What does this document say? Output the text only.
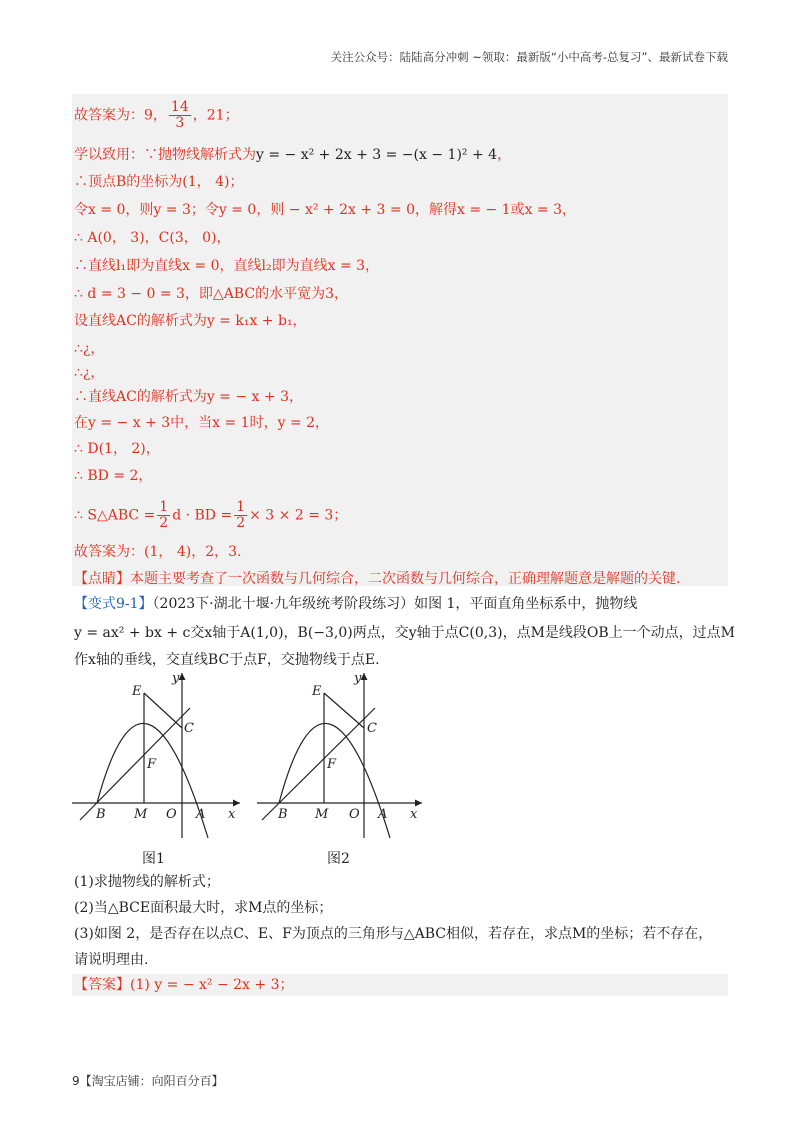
关注公众号：陆陆高分冲刺 ~领取：最新版“小中高考-总复习”、最新试卷下载
故答案为：9， $\frac{14}{3}$ ，21；
学以致用：∵抛物线解析式为y = − x² + 2x + 3 = −(x − 1)² + 4，
∴顶点B的坐标为(1， 4)；
令x = 0，则y = 3；令y = 0，则 − x² + 2x + 3 = 0，解得x = − 1或x = 3，
∴ A(0， 3)，C(3， 0)，
∴直线l₁即为直线x = 0，直线l₂即为直线x = 3，
∴ d = 3 − 0 = 3，即△ABC的水平宽为3，
设直线AC的解析式为y = k₁x + b₁，
∴¿，
∴¿，
∴直线AC的解析式为y = − x + 3，
在y = − x + 3中，当x = 1时，y = 2，
∴ D(1， 2)，
∴ BD = 2，
∴ S△ABC = $\frac{1}{2}$ d · BD = $\frac{1}{2} \times 3 \times 2 = 3$；
故答案为：(1， 4)，2，3.
【点睛】本题主要考查了一次函数与几何综合，二次函数与几何综合，正确理解题意是解题的关键.
【变式9-1】（2023下·湖北十堰·九年级统考阶段练习）如图 1，平面直角坐标系中，抛物线
y = ax² + bx + c交x轴于A(1,0)，B(−3,0)两点，交y轴于点C(0,3)，点M是线段OB上一个动点，过点M
作x轴的垂线，交直线BC于点F，交抛物线于点E.
y
x
E
C
F
B M O A
y
x
E
C
F
B M O A
图1	图2
(1)求抛物线的解析式；
(2)当△BCE面积最大时，求M点的坐标；
(3)如图 2，是否存在以点C、E、F为顶点的三角形与△ABC相似，若存在，求点M的坐标；若不存在，
请说明理由.
【答案】(1) y = − x² − 2x + 3；
9【淘宝店铺：向阳百分百】
